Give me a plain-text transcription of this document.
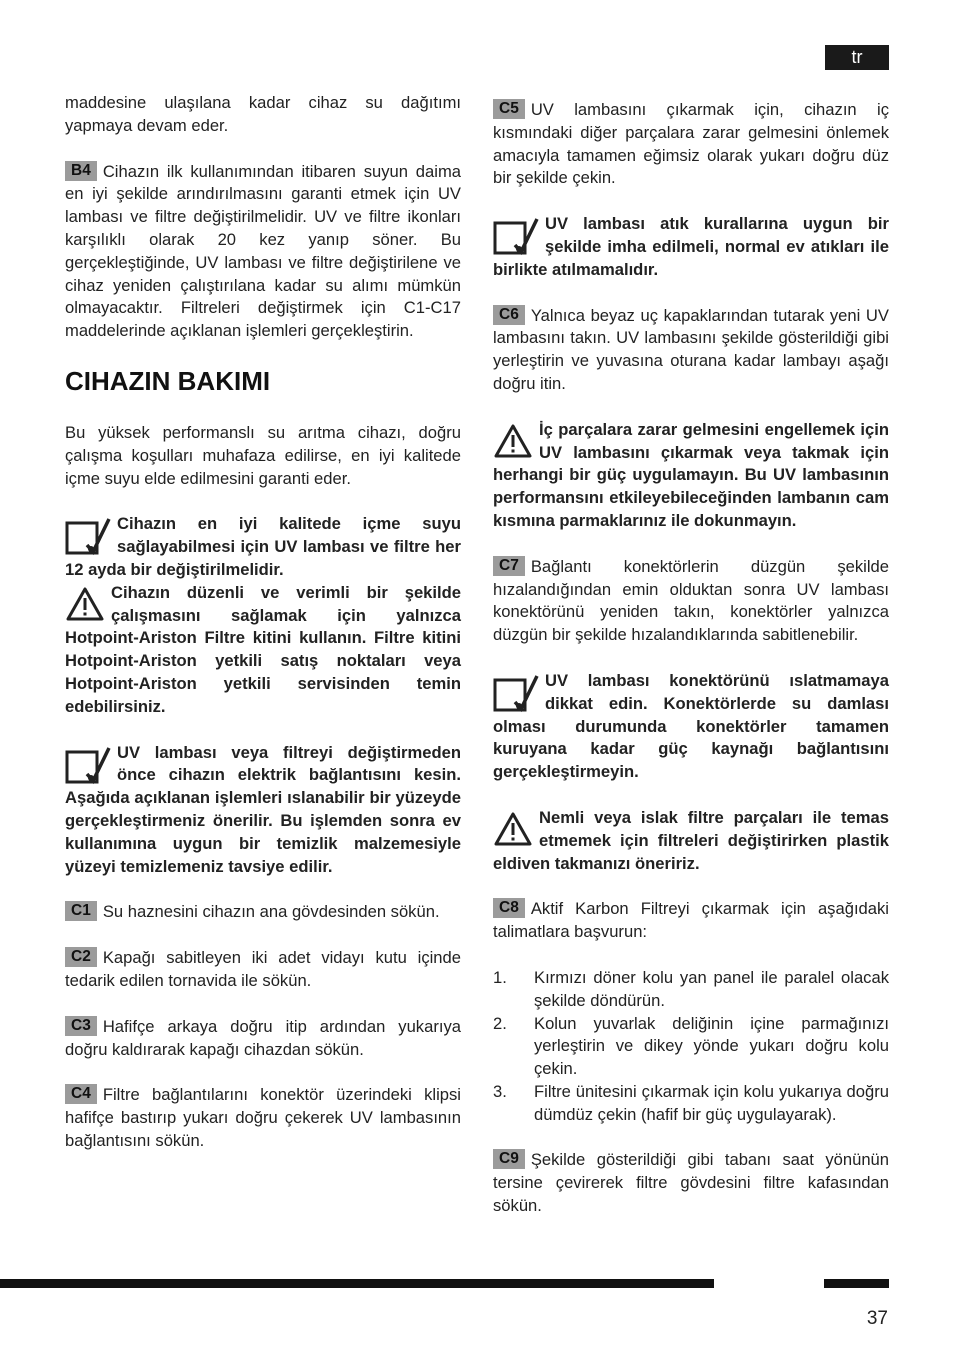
tr

maddesine ulaşılana kadar cihaz su dağıtımı yapmaya devam eder.

B4 Cihazın ilk kullanımından itibaren suyun daima en iyi şekilde arındırılmasını garanti etmek için UV lambası ve filtre değiştirilmelidir. UV ve filtre ikonları karşılıklı olarak 20 kez yanıp söner. Bu gerçekleştiğinde, UV lambası ve filtre değiştirilene ve cihaz yeniden çalıştırılana kadar su alımı mümkün olmayacaktır. Filtreleri değiştirmek için C1-C17 maddelerinde açıklanan işlemleri gerçekleştirin.

CIHAZIN BAKIMI

Bu yüksek performanslı su arıtma cihazı, doğru çalışma koşulları muhafaza edilirse, en iyi kalitede içme suyu elde edilmesini garanti eder.

Cihazın en iyi kalitede içme suyu sağlayabilmesi için UV lambası ve filtre her 12 ayda bir değiştirilmelidir.

Cihazın düzenli ve verimli bir şekilde çalışmasını sağlamak için yalnızca Hotpoint-Ariston Filtre kitini kullanın. Filtre kitini Hotpoint-Ariston yetkili satış noktaları veya Hotpoint-Ariston yetkili servisinden temin edebilirsiniz.

UV lambası veya filtreyi değiştirmeden önce cihazın elektrik bağlantısını kesin. Aşağıda açıklanan işlemleri ıslanabilir bir yüzeyde gerçekleştirmeniz önerilir. Bu işlemden sonra ev kullanımına uygun bir temizlik malzemesiyle yüzeyi temizlemeniz tavsiye edilir.

C1 Su haznesini cihazın ana gövdesinden sökün.

C2 Kapağı sabitleyen iki adet vidayı kutu içinde tedarik edilen tornavida ile sökün.

C3 Hafifçe arkaya doğru itip ardından yukarıya doğru kaldırarak kapağı cihazdan sökün.

C4 Filtre bağlantılarını konektör üzerindeki klipsi hafifçe bastırıp yukarı doğru çekerek UV lambasının bağlantısını sökün.

C5 UV lambasını çıkarmak için, cihazın iç kısmındaki diğer parçalara zarar gelmesini önlemek amacıyla tamamen eğimsiz olarak yukarı doğru düz bir şekilde çekin.

UV lambası atık kurallarına uygun bir şekilde imha edilmeli, normal ev atıkları ile birlikte atılmamalıdır.

C6 Yalnıca beyaz uç kapaklarından tutarak yeni UV lambasını takın. UV lambasını şekilde gösterildiği gibi yerleştirin ve yuvasına oturana kadar lambayı aşağı doğru itin.

İç parçalara zarar gelmesini engellemek için UV lambasını çıkarmak veya takmak için herhangi bir güç uygulamayın. Bu UV lambasının performansını etkileyebileceğinden lambanın cam kısmına parmaklarınız ile dokunmayın.

C7 Bağlantı konektörlerin düzgün şekilde hızalandığından emin olduktan sonra UV lambası konektörünü yeniden takın, konektörler yalnızca düzgün bir şekilde hızalandıklarında sabitlenebilir.

UV lambası konektörünü ıslatmamaya dikkat edin. Konektörlerde su damlası olması durumunda konektörler tamamen kuruyana kadar güç kaynağı bağlantısını gerçekleştirmeyin.

Nemli veya islak filtre parçaları ile temas etmemek için filtreleri değiştirirken plastik eldiven takmanızı öneririz.

C8 Aktif Karbon Filtreyi çıkarmak için aşağıdaki talimatlara başvurun:

1. Kırmızı döner kolu yan panel ile paralel olacak şekilde döndürün.
2. Kolun yuvarlak deliğinin içine parmağınızı yerleştirin ve dikey yönde yukarı doğru kolu çekin.
3. Filtre ünitesini çıkarmak için kolu yukarıya doğru dümdüz çekin (hafif bir güç uygulayarak).

C9 Şekilde gösterildiği gibi tabanı saat yönünün tersine çevirerek filtre gövdesini filtre kafasından sökün.

37
